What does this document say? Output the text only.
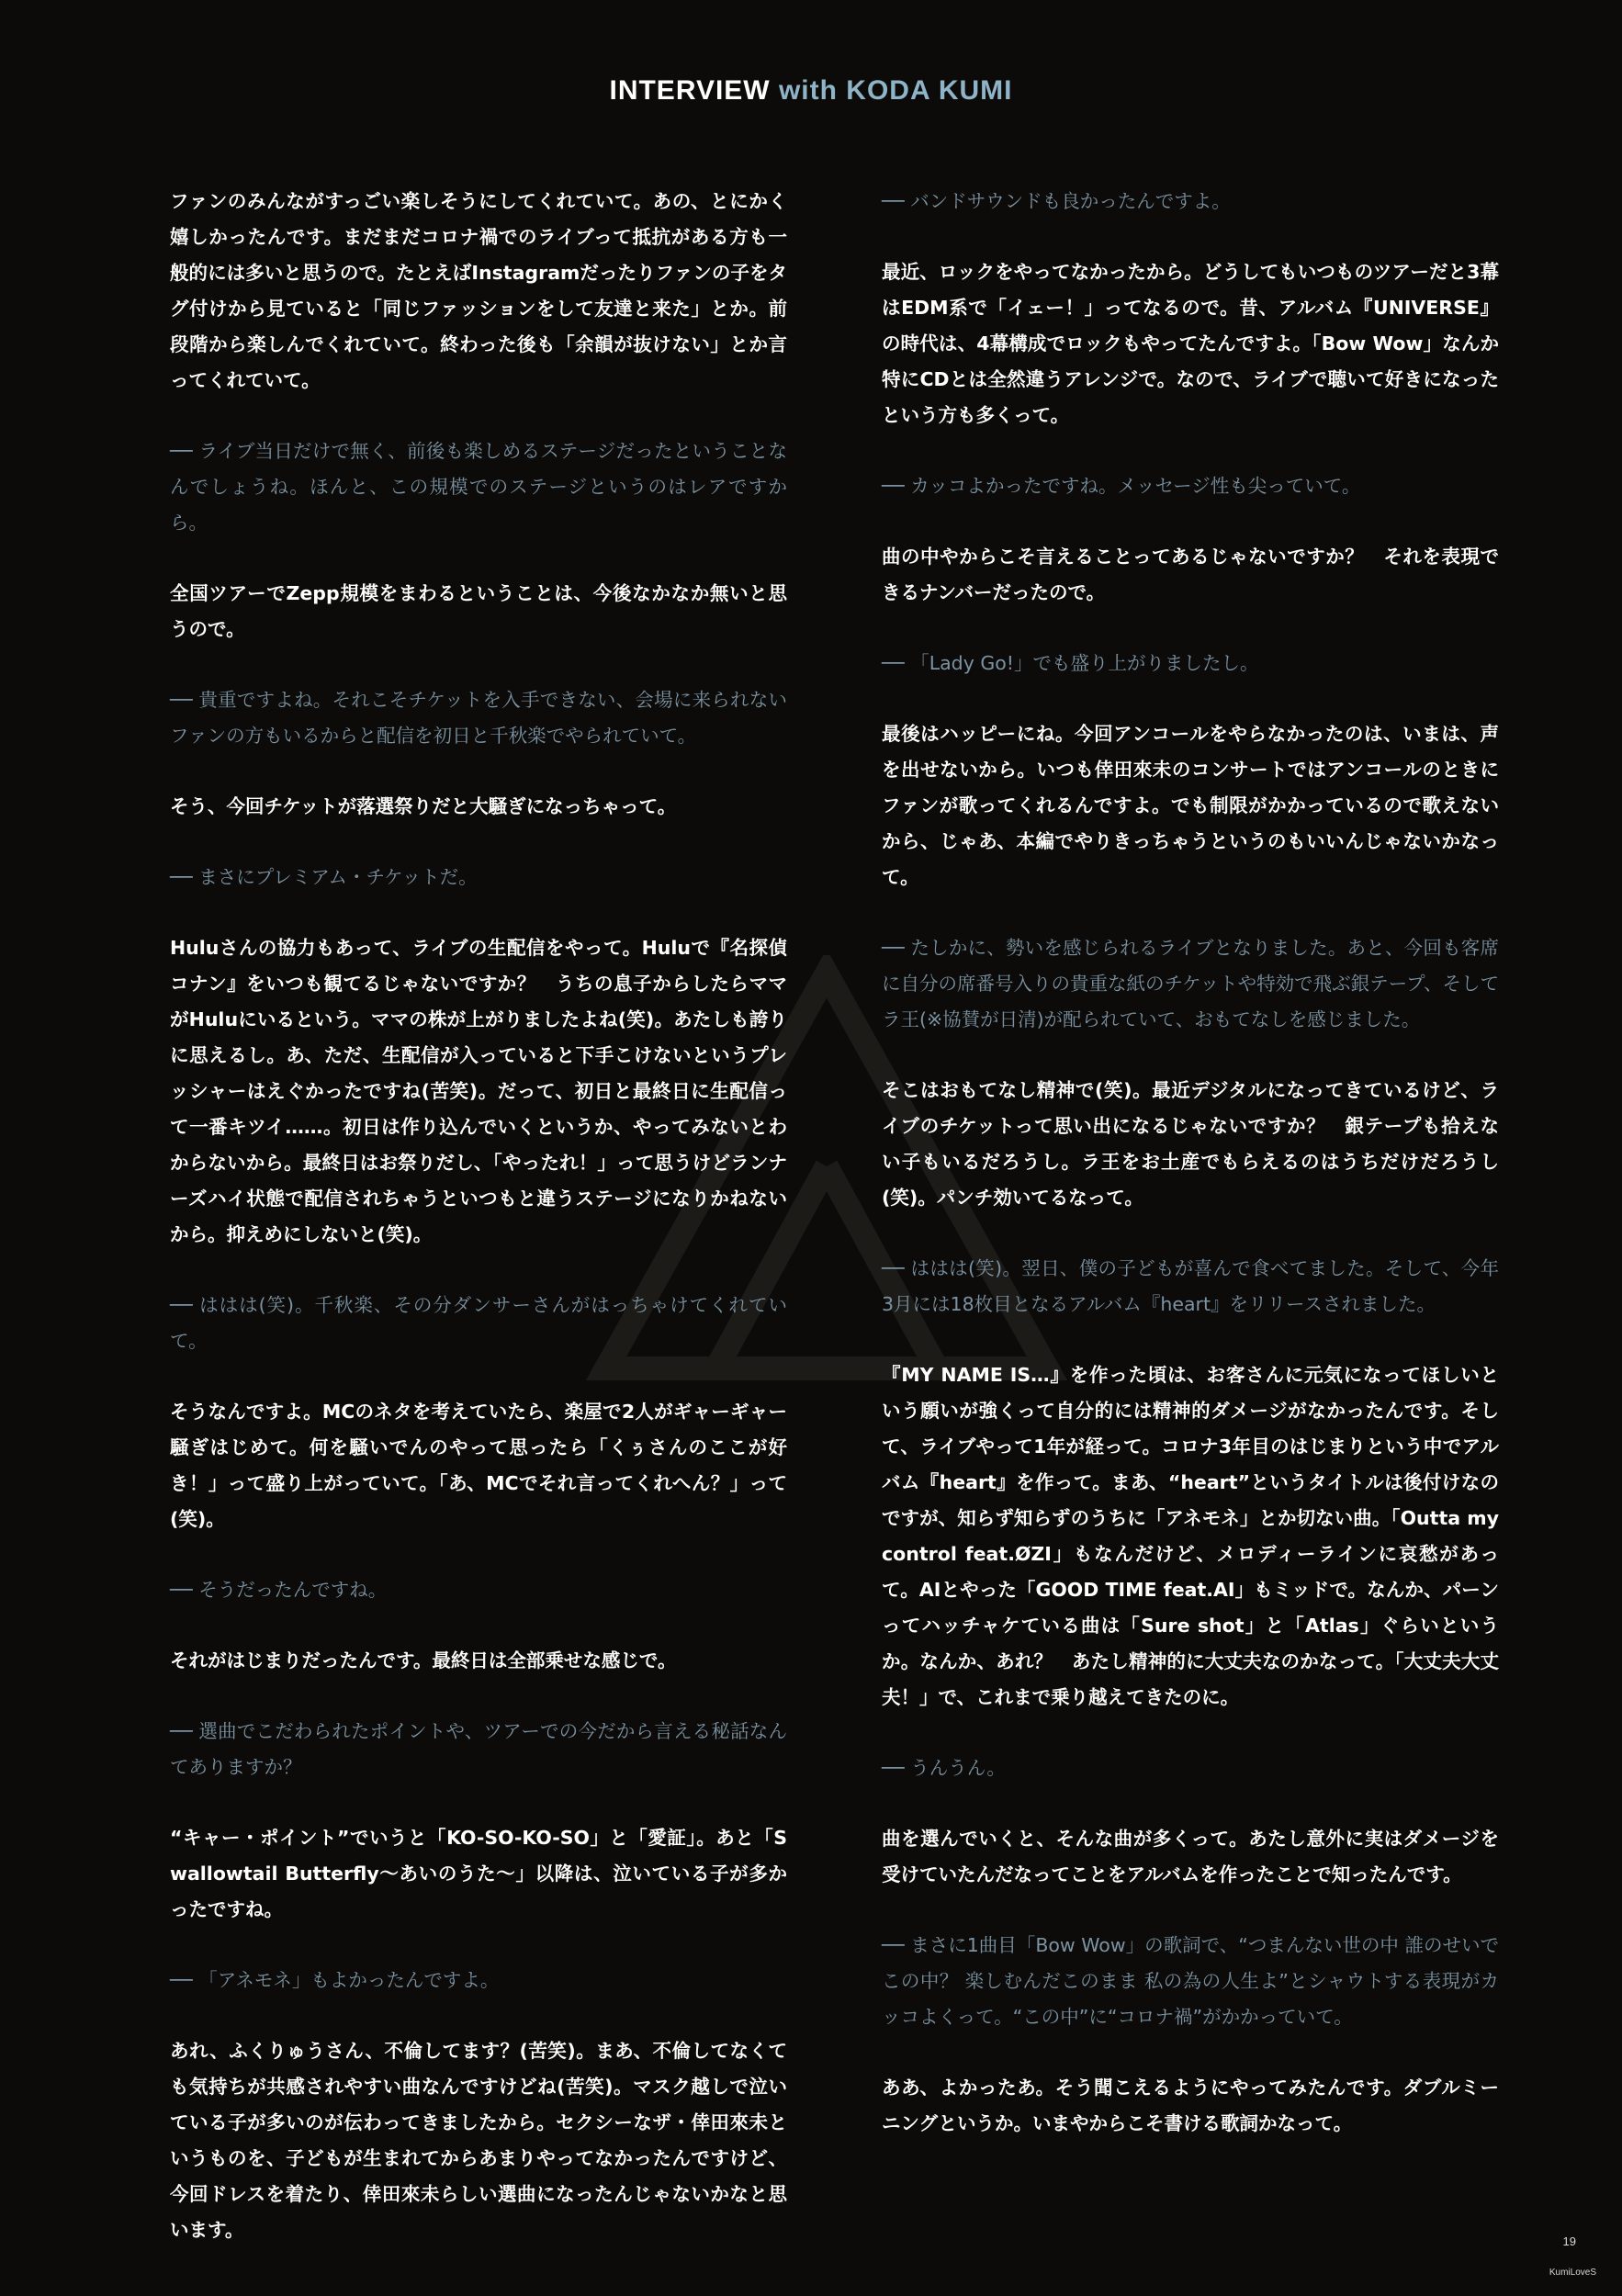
INTERVIEW with KODA KUMI

ファンのみんながすっごい楽しそうにしてくれていて。あの、とにかく嬉しかったんです。まだまだコロナ禍でのライブって抵抗がある方も一般的には多いと思うので。たとえばInstagramだったりファンの子をタグ付けから見ていると「同じファッションをして友達と来た」とか。前段階から楽しんでくれていて。終わった後も「余韻が抜けない」とか言ってくれていて。

── ライブ当日だけで無く、前後も楽しめるステージだったということなんでしょうね。ほんと、この規模でのステージというのはレアですから。

全国ツアーでZepp規模をまわるということは、今後なかなか無いと思うので。

── 貴重ですよね。それこそチケットを入手できない、会場に来られないファンの方もいるからと配信を初日と千秋楽でやられていて。

そう、今回チケットが落選祭りだと大騒ぎになっちゃって。

── まさにプレミアム・チケットだ。

Huluさんの協力もあって、ライブの生配信をやって。Huluで『名探偵コナン』をいつも観てるじゃないですか？　うちの息子からしたらママがHuluにいるという。ママの株が上がりましたよね(笑)。あたしも誇りに思えるし。あ、ただ、生配信が入っていると下手こけないというプレッシャーはえぐかったですね(苦笑)。だって、初日と最終日に生配信って一番キツイ……。初日は作り込んでいくというか、やってみないとわからないから。最終日はお祭りだし、「やったれ！」って思うけどランナーズハイ状態で配信されちゃうといつもと違うステージになりかねないから。抑えめにしないと(笑)。

── ははは(笑)。千秋楽、その分ダンサーさんがはっちゃけてくれていて。

そうなんですよ。MCのネタを考えていたら、楽屋で2人がギャーギャー騒ぎはじめて。何を騒いでんのやって思ったら「くぅさんのここが好き！」って盛り上がっていて。「あ、MCでそれ言ってくれへん？」って(笑)。

── そうだったんですね。

それがはじまりだったんです。最終日は全部乗せな感じで。

── 選曲でこだわられたポイントや、ツアーでの今だから言える秘話なんてありますか？

“キャー・ポイント”でいうと「KO-SO-KO-SO」と「愛証」。あと「Swallowtail Butterfly〜あいのうた〜」以降は、泣いている子が多かったですね。

── 「アネモネ」もよかったんですよ。

あれ、ふくりゅうさん、不倫してます？(苦笑)。まあ、不倫してなくても気持ちが共感されやすい曲なんですけどね(苦笑)。マスク越しで泣いている子が多いのが伝わってきましたから。セクシーなザ・倖田來未というものを、子どもが生まれてからあまりやってなかったんですけど、今回ドレスを着たり、倖田來未らしい選曲になったんじゃないかなと思います。

── バンドサウンドも良かったんですよ。

最近、ロックをやってなかったから。どうしてもいつものツアーだと3幕はEDM系で「イェー！」ってなるので。昔、アルバム『UNIVERSE』の時代は、4幕構成でロックもやってたんですよ。「Bow Wow」なんか特にCDとは全然違うアレンジで。なので、ライブで聴いて好きになったという方も多くって。

── カッコよかったですね。メッセージ性も尖っていて。

曲の中やからこそ言えることってあるじゃないですか？　それを表現できるナンバーだったので。

── 「Lady Go!」でも盛り上がりましたし。

最後はハッピーにね。今回アンコールをやらなかったのは、いまは、声を出せないから。いつも倖田來未のコンサートではアンコールのときにファンが歌ってくれるんですよ。でも制限がかかっているので歌えないから、じゃあ、本編でやりきっちゃうというのもいいんじゃないかなって。

── たしかに、勢いを感じられるライブとなりました。あと、今回も客席に自分の席番号入りの貴重な紙のチケットや特効で飛ぶ銀テープ、そしてラ王(※協賛が日清)が配られていて、おもてなしを感じました。

そこはおもてなし精神で(笑)。最近デジタルになってきているけど、ライブのチケットって思い出になるじゃないですか？　銀テープも拾えない子もいるだろうし。ラ王をお土産でもらえるのはうちだけだろうし(笑)。パンチ効いてるなって。

── ははは(笑)。翌日、僕の子どもが喜んで食べてました。そして、今年3月には18枚目となるアルバム『heart』をリリースされました。

『MY NAME IS…』を作った頃は、お客さんに元気になってほしいという願いが強くって自分的には精神的ダメージがなかったんです。そして、ライブやって1年が経って。コロナ3年目のはじまりという中でアルバム『heart』を作って。まあ、“heart”というタイトルは後付けなのですが、知らず知らずのうちに「アネモネ」とか切ない曲。「Outta my control feat.ØZI」もなんだけど、メロディーラインに哀愁があって。AIとやった「GOOD TIME feat.AI」もミッドで。なんか、パーンってハッチャケている曲は「Sure shot」と「Atlas」ぐらいというか。なんか、あれ？　あたし精神的に大丈夫なのかなって。「大丈夫大丈夫！」で、これまで乗り越えてきたのに。

── うんうん。

曲を選んでいくと、そんな曲が多くって。あたし意外に実はダメージを受けていたんだなってことをアルバムを作ったことで知ったんです。

── まさに1曲目「Bow Wow」の歌詞で、“つまんない世の中 誰のせいでこの中？ 楽しむんだこのまま 私の為の人生よ”とシャウトする表現がカッコよくって。“この中”に“コロナ禍”がかかっていて。

ああ、よかったあ。そう聞こえるようにやってみたんです。ダブルミーニングというか。いまやからこそ書ける歌詞かなって。

19
KumiLoveS
